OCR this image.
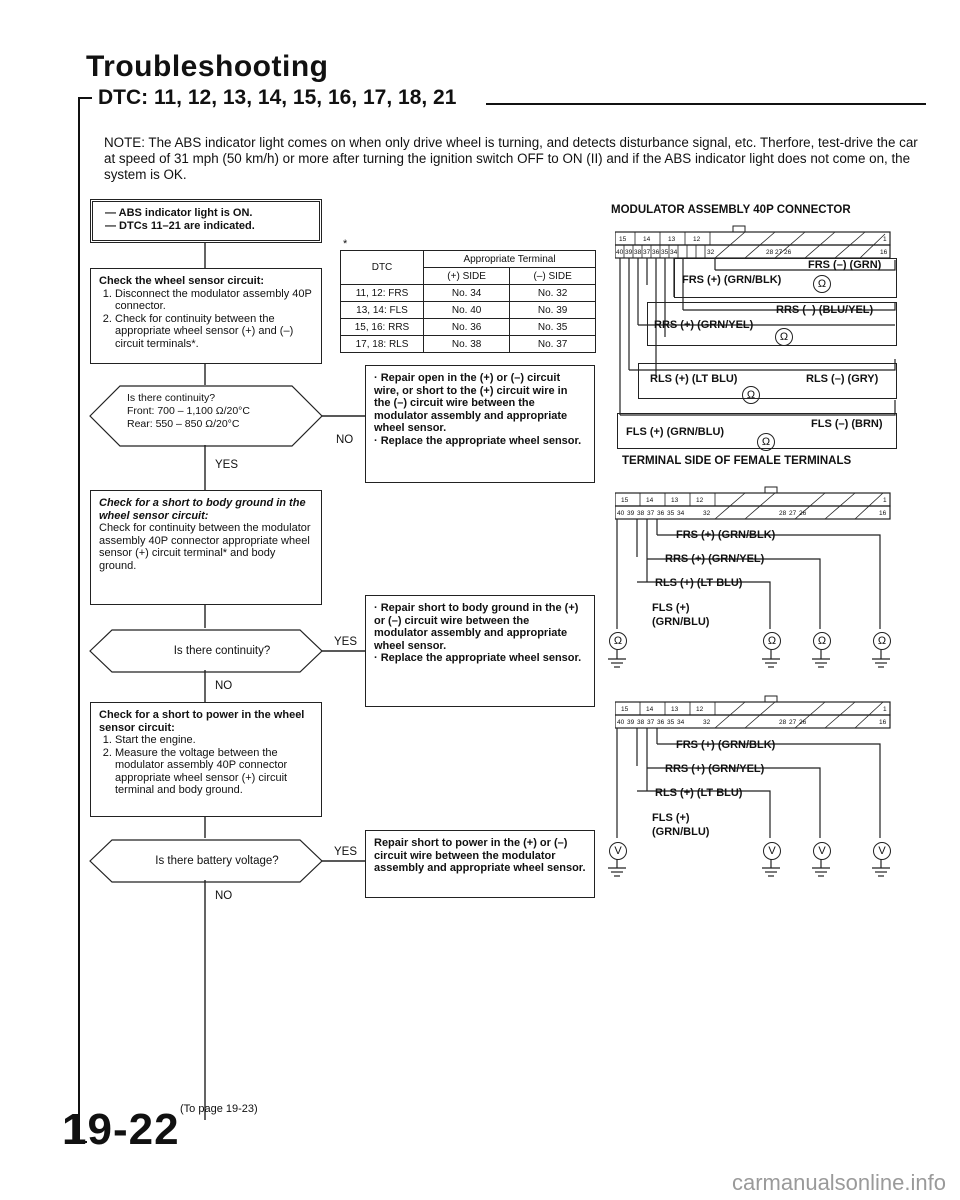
Troubleshooting
DTC: 11, 12, 13, 14, 15, 16, 17, 18, 21
NOTE: The ABS indicator light comes on when only drive wheel is turning, and detects disturbance signal, etc. Therfore, test-drive the car at speed of 31 mph (50 km/h) or more after turning the ignition switch OFF to ON (II) and if the ABS indicator light does not come on, the system is OK.
— ABS indicator light is ON.
— DTCs 11–21 are indicated.
Check the wheel sensor circuit:
1. Disconnect the modulator assembly 40P connector.
2. Check for continuity between the appropriate wheel sensor (+) and (–) circuit terminals*.
Is there continuity?
Front: 700 – 1,100 Ω/20°C
Rear: 550 – 850 Ω/20°C
NO
YES
· Repair open in the (+) or (–) circuit wire, or short to the (+) circuit wire in the (–) circuit wire between the modulator assembly and appropriate wheel sensor.
· Replace the appropriate wheel sensor.
Check for a short to body ground in the wheel sensor circuit:
Check for continuity between the modulator assembly 40P connector appropriate wheel sensor (+) circuit terminal* and body ground.
Is there continuity?
YES
NO
· Repair short to body ground in the (+) or (–) circuit wire between the modulator assembly and appropriate wheel sensor.
· Replace the appropriate wheel sensor.
Check for a short to power in the wheel sensor circuit:
1. Start the engine.
2. Measure the voltage between the modulator assembly 40P connector appropriate wheel sensor (+) circuit terminal and body ground.
Is there battery voltage?
YES
NO
Repair short to power in the (+) or (–) circuit wire between the modulator assembly and appropriate wheel sensor.
(To page 19-23)
*
DTC	Appropriate Terminal	
	(+) SIDE	(–) SIDE
11, 12: FRS	No. 34	No. 32
13, 14: FLS	No. 40	No. 39
15, 16: RRS	No. 36	No. 35
17, 18: RLS	No. 38	No. 37
MODULATOR ASSEMBLY 40P CONNECTOR
15	14	13	12	1
40 39 38 37 36 35 34	32	28 27 26	16
FRS (+) (GRN/BLK)
FRS (–) (GRN)
Ω
RRS (–) (BLU/YEL)
RRS (+) (GRN/YEL)
Ω
RLS (+) (LT BLU)	RLS (–) (GRY)
Ω
FLS (+) (GRN/BLU)
FLS (–) (BRN)
Ω
TERMINAL SIDE OF FEMALE TERMINALS
15	14	13	12	1
40 39 38 37 36 35 34	32	28 27 26	16
FRS (+) (GRN/BLK)
RRS (+) (GRN/YEL)
RLS (+) (LT BLU)
FLS (+)
(GRN/BLU)
Ω	Ω	Ω	Ω
15	14	13	12	1
40 39 38 37 36 35 34	32	28 27 26	16
FRS (+) (GRN/BLK)
RRS (+) (GRN/YEL)
RLS (+) (LT BLU)
FLS (+)
(GRN/BLU)
V	V	V	V
19-22
carmanualsonline.info
